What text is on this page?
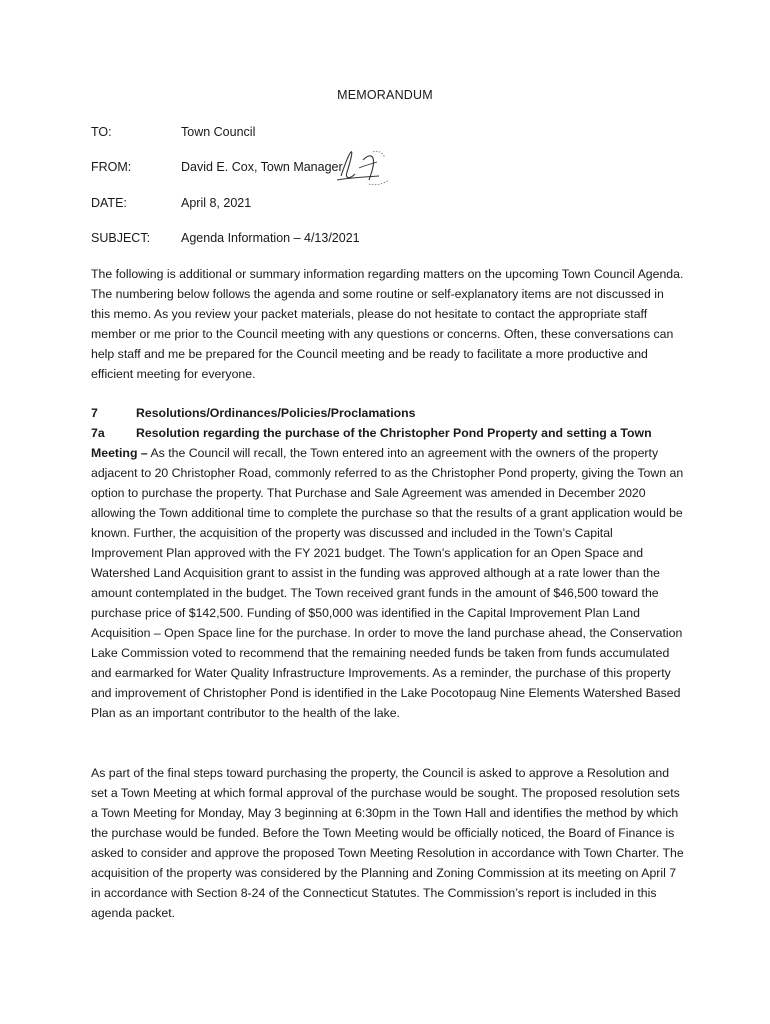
MEMORANDUM
TO:	Town Council
FROM:	David E. Cox, Town Manager
DATE:	April 8, 2021
SUBJECT: Agenda Information – 4/13/2021

The following is additional or summary information regarding matters on the upcoming Town Council Agenda. The numbering below follows the agenda and some routine or self-explanatory items are not discussed in this memo. As you review your packet materials, please do not hesitate to contact the appropriate staff member or me prior to the Council meeting with any questions or concerns. Often, these conversations can help staff and me be prepared for the Council meeting and be ready to facilitate a more productive and efficient meeting for everyone.

7	Resolutions/Ordinances/Policies/Proclamations

7a	Resolution regarding the purchase of the Christopher Pond Property and setting a Town Meeting – As the Council will recall, the Town entered into an agreement with the owners of the property adjacent to 20 Christopher Road, commonly referred to as the Christopher Pond property, giving the Town an option to purchase the property. That Purchase and Sale Agreement was amended in December 2020 allowing the Town additional time to complete the purchase so that the results of a grant application would be known. Further, the acquisition of the property was discussed and included in the Town’s Capital Improvement Plan approved with the FY 2021 budget. The Town’s application for an Open Space and Watershed Land Acquisition grant to assist in the funding was approved although at a rate lower than the amount contemplated in the budget. The Town received grant funds in the amount of $46,500 toward the purchase price of $142,500. Funding of $50,000 was identified in the Capital Improvement Plan Land Acquisition – Open Space line for the purchase. In order to move the land purchase ahead, the Conservation Lake Commission voted to recommend that the remaining needed funds be taken from funds accumulated and earmarked for Water Quality Infrastructure Improvements. As a reminder, the purchase of this property and improvement of Christopher Pond is identified in the Lake Pocotopaug Nine Elements Watershed Based Plan as an important contributor to the health of the lake.

As part of the final steps toward purchasing the property, the Council is asked to approve a Resolution and set a Town Meeting at which formal approval of the purchase would be sought. The proposed resolution sets a Town Meeting for Monday, May 3 beginning at 6:30pm in the Town Hall and identifies the method by which the purchase would be funded. Before the Town Meeting would be officially noticed, the Board of Finance is asked to consider and approve the proposed Town Meeting Resolution in accordance with Town Charter. The acquisition of the property was considered by the Planning and Zoning Commission at its meeting on April 7 in accordance with Section 8-24 of the Connecticut Statutes. The Commission’s report is included in this agenda packet.
